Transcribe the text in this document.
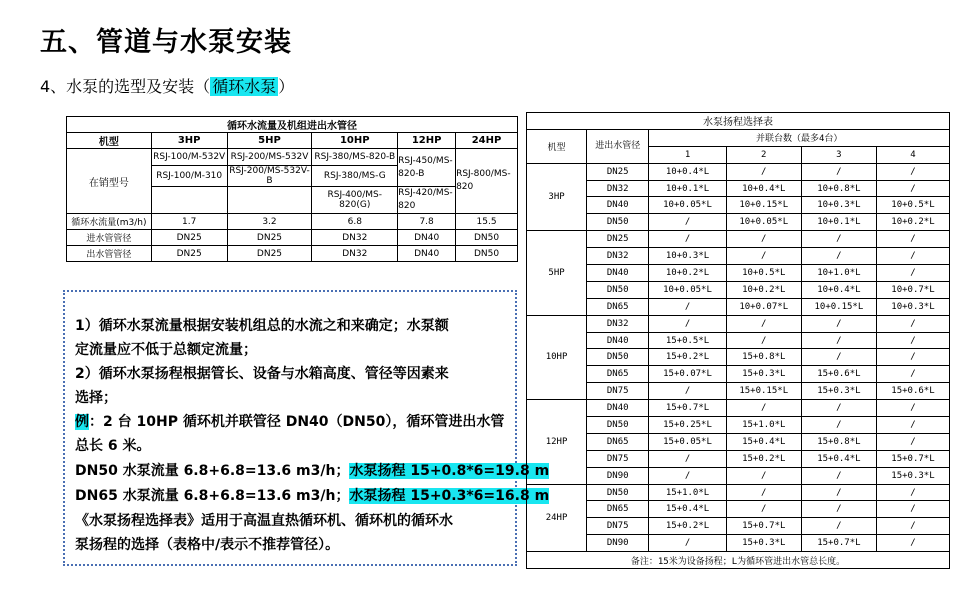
五、管道与水泵安装
4、水泵的选型及安装（ 循环水泵 ）
循环水流量及机组进出水管径					
机型	3HP	5HP	10HP	12HP	24HP
在销型号	RSJ-100/M-532V	RSJ-200/MS-532V	RSJ-380/MS-820-B	RSJ-450/MS-820-B	RSJ-800/MS-820
	RSJ-100/M-310	RSJ-200/MS-532V-B	RSJ-380/MS-G		
			RSJ-400/MS-820(G)	RSJ-420/MS-820	
循环水流量(m3/h)	1.7	3.2	6.8	7.8	15.5
进水管管径	DN25	DN25	DN32	DN40	DN50
出水管管径	DN25	DN25	DN32	DN40	DN50

1）循环水泵流量根据安装机组总的水流之和来确定；水泵额

定流量应不低于总额定流量；

2）循环水泵扬程根据管长、设备与水箱高度、管径等因素来

选择；

例：2 台 10HP 循环机并联管径 DN40（DN50），循环管进出水管

总长 6 米。

DN50 水泵流量 6.8+6.8=13.6 m3/h；水泵扬程 15+0.8*6=19.8 m

DN65 水泵流量 6.8+6.8=13.6 m3/h；水泵扬程 15+0.3*6=16.8 m

《水泵扬程选择表》适用于高温直热循环机、循环机的循环水

泵扬程的选择（表格中/表示不推荐管径）。

水泵扬程选择表					
机型	进出水管径	并联台数（最多4台）			
		1	2	3	4
3HP	DN25	10+0.4*L	/	/	/
	DN32	10+0.1*L	10+0.4*L	10+0.8*L	/
	DN40	10+0.05*L	10+0.15*L	10+0.3*L	10+0.5*L
	DN50	/	10+0.05*L	10+0.1*L	10+0.2*L
5HP	DN25	/	/	/	/
	DN32	10+0.3*L	/	/	/
	DN40	10+0.2*L	10+0.5*L	10+1.0*L	/
	DN50	10+0.05*L	10+0.2*L	10+0.4*L	10+0.7*L
	DN65	/	10+0.07*L	10+0.15*L	10+0.3*L
10HP	DN32	/	/	/	/
	DN40	15+0.5*L	/	/	/
	DN50	15+0.2*L	15+0.8*L	/	/
	DN65	15+0.07*L	15+0.3*L	15+0.6*L	/
	DN75	/	15+0.15*L	15+0.3*L	15+0.6*L
12HP	DN40	15+0.7*L	/	/	/
	DN50	15+0.25*L	15+1.0*L	/	/
	DN65	15+0.05*L	15+0.4*L	15+0.8*L	/
	DN75	/	15+0.2*L	15+0.4*L	15+0.7*L
	DN90	/	/	/	15+0.3*L
24HP	DN50	15+1.0*L	/	/	/
	DN65	15+0.4*L	/	/	/
	DN75	15+0.2*L	15+0.7*L	/	/
	DN90	/	15+0.3*L	15+0.7*L	/
备注：15米为设备扬程；L为循环管进出水管总长度。					
